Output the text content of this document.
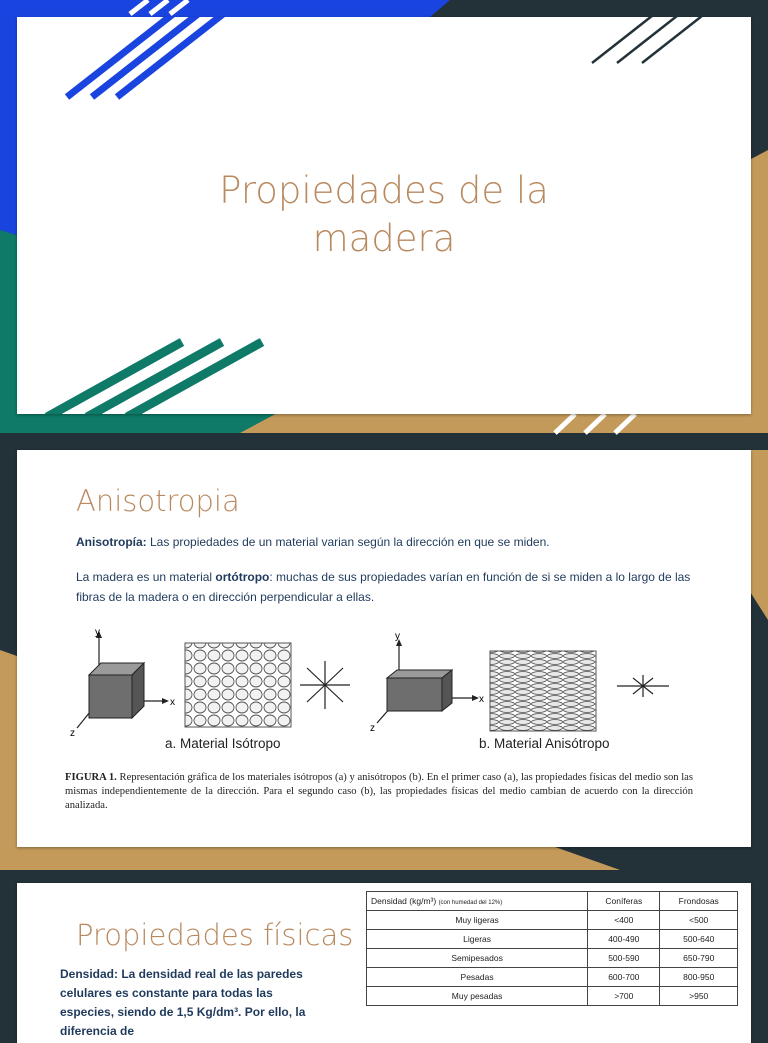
Propiedades de la
madera
Anisotropia
Anisotropía: Las propiedades de un material varian según la dirección en que se miden.
La madera es un material ortótropo: muchas de sus propiedades varían en función de si se miden a lo largo de las fibras de la madera o en dirección perpendicular a ellas.
y
x
z
y
x
z
a. Material Isótropo	b. Material Anisótropo
FIGURA 1. Representación gráfica de los materiales isótropos (a) y anisótropos (b). En el primer caso (a), las propiedades físicas del medio son las mismas independientemente de la dirección. Para el segundo caso (b), las propiedades físicas del medio cambian de acuerdo con la dirección analizada.
Propiedades físicas
Densidad: La densidad real de las paredes celulares es constante para todas las especies, siendo de 1,5 Kg/dm³. Por ello, la diferencia de
Densidad (kg/m³) (con humedad del 12%)	Coníferas	Frondosas
Muy ligeras	<400	<500
Ligeras	400-490	500-640
Semipesados	500-590	650-790
Pesadas	600-700	800-950
Muy pesadas	>700	>950
